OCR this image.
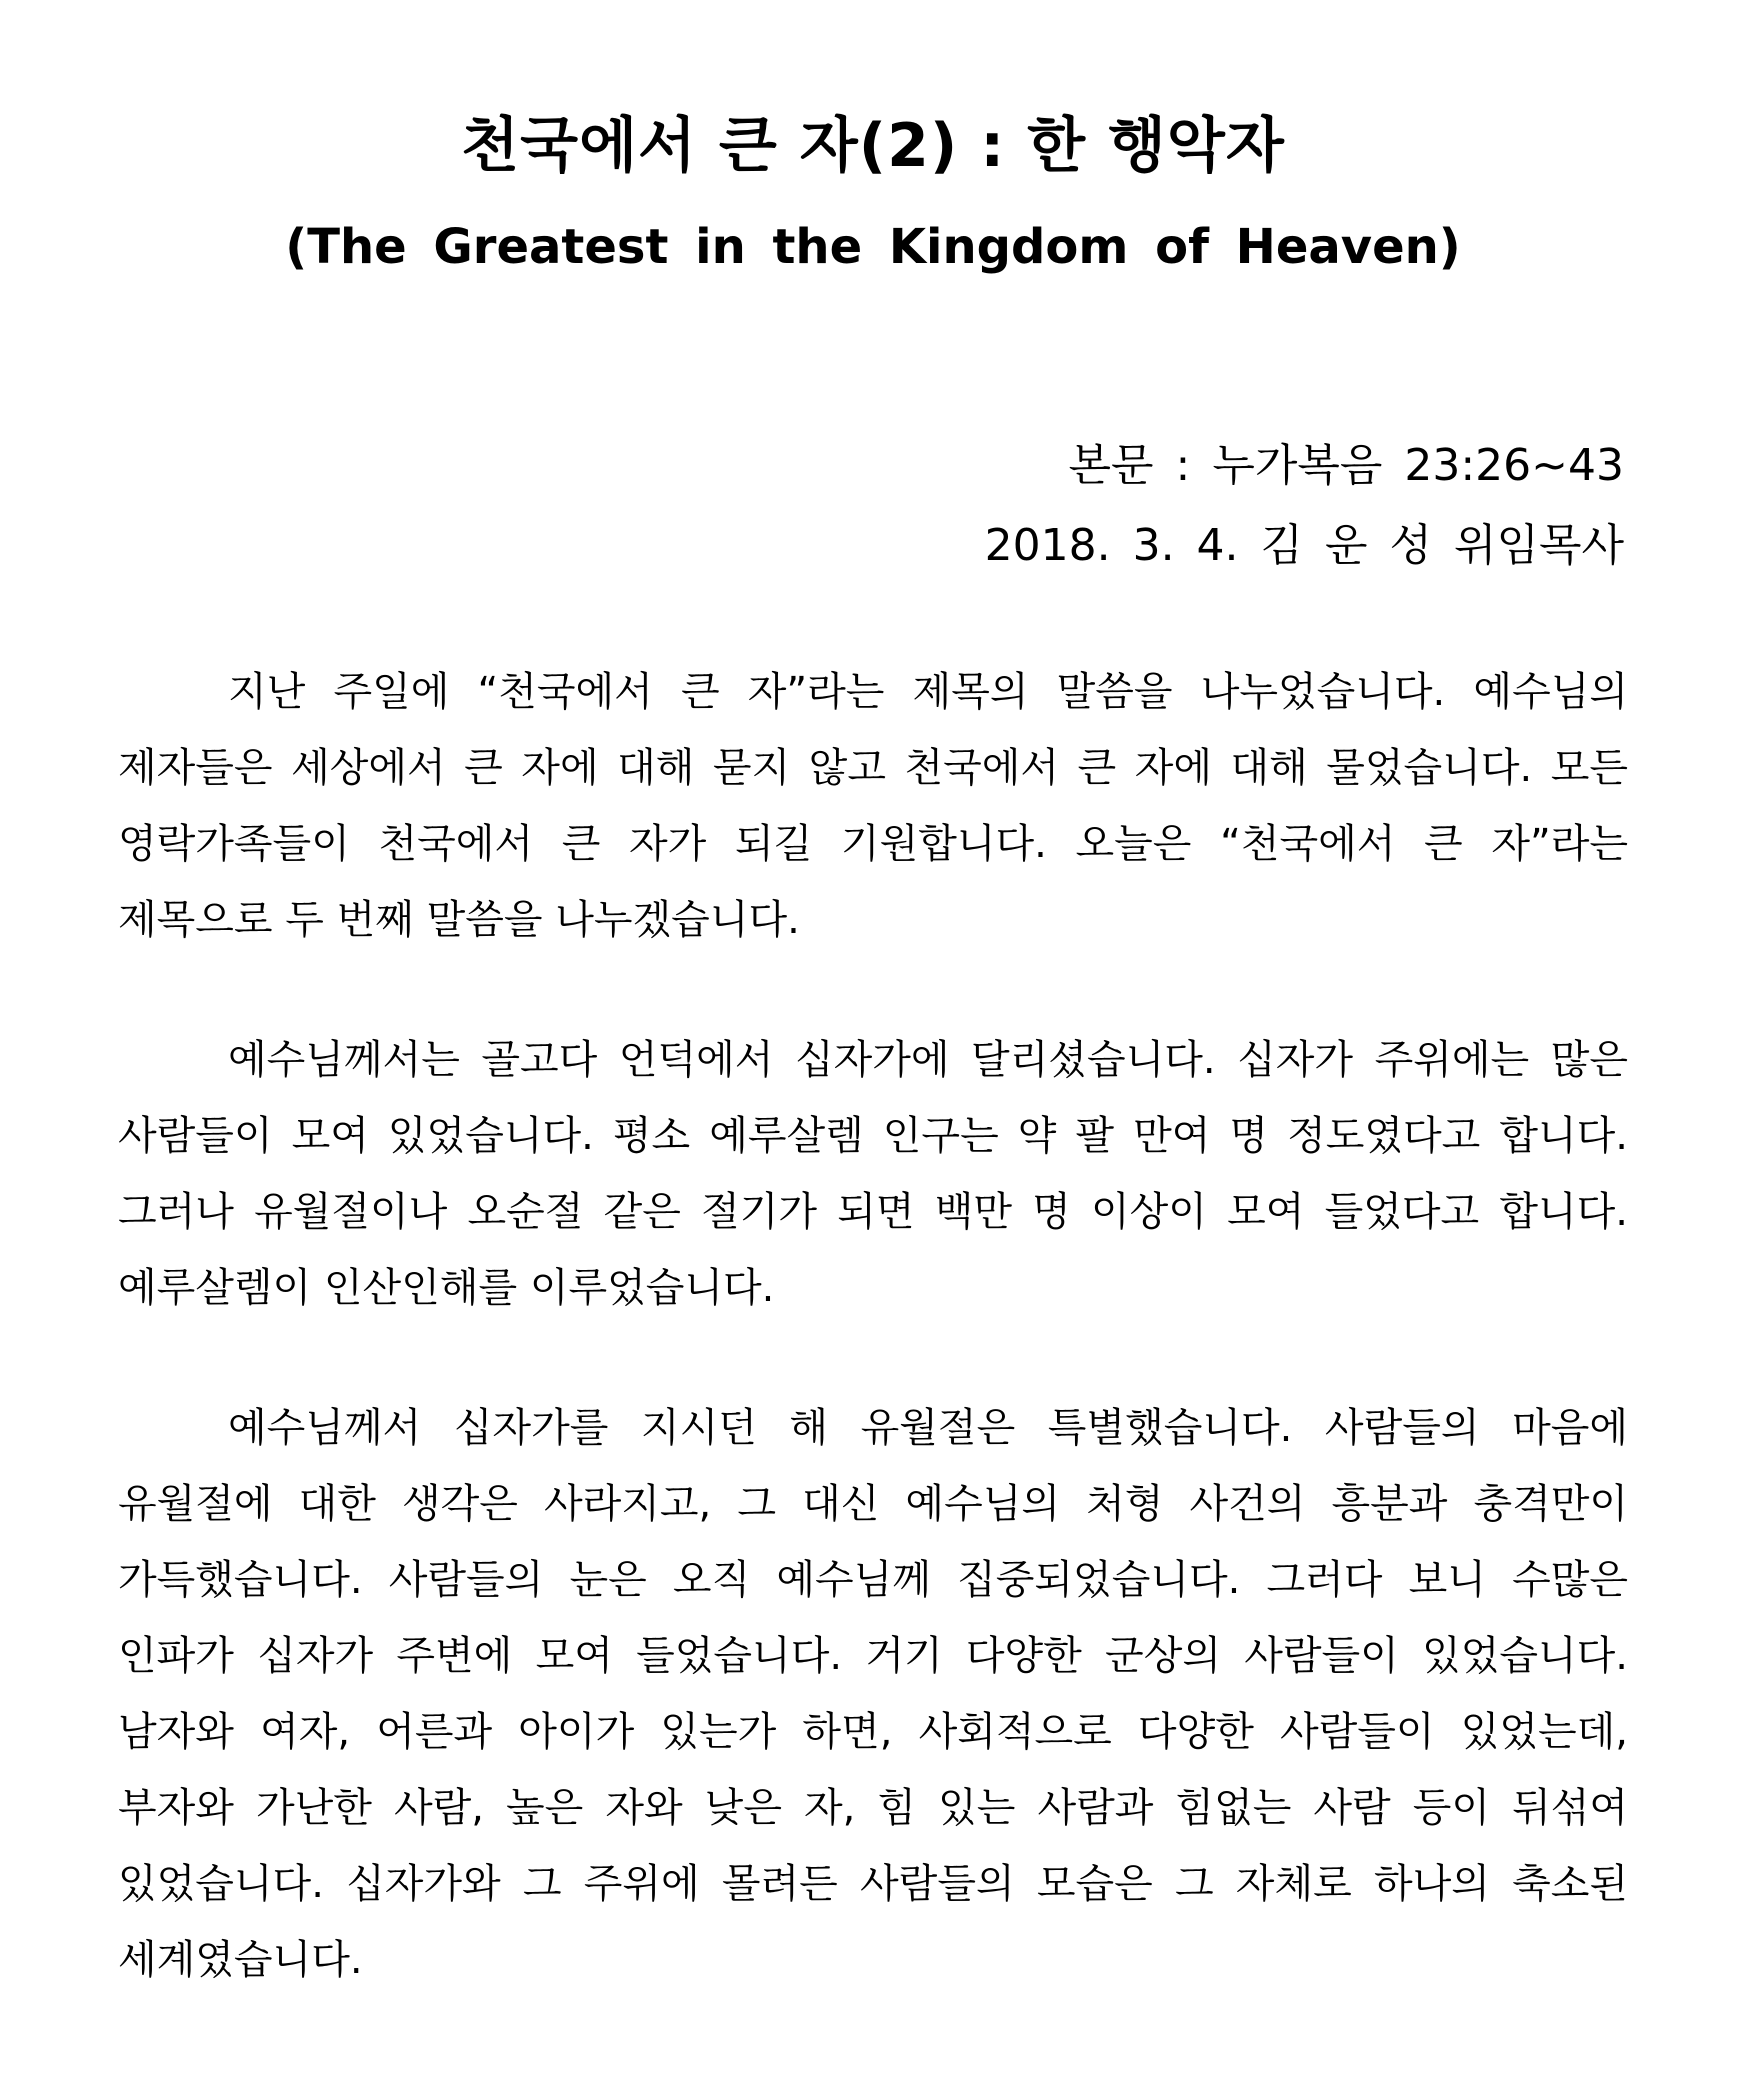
천국에서 큰 자(2) : 한 행악자
(The Greatest in the Kingdom of Heaven)
본문 : 누가복음 23:26~43
2018. 3. 4. 김 운 성 위임목사

지난 주일에 “천국에서 큰 자”라는 제목의 말씀을 나누었습니다. 예수님의 제자들은 세상에서 큰 자에 대해 묻지 않고 천국에서 큰 자에 대해 물었습니다. 모든 영락가족들이 천국에서 큰 자가 되길 기원합니다. 오늘은 “천국에서 큰 자”라는 제목으로 두 번째 말씀을 나누겠습니다.

예수님께서는 골고다 언덕에서 십자가에 달리셨습니다. 십자가 주위에는 많은 사람들이 모여 있었습니다. 평소 예루살렘 인구는 약 팔 만여 명 정도였다고 합니다. 그러나 유월절이나 오순절 같은 절기가 되면 백만 명 이상이 모여 들었다고 합니다. 예루살렘이 인산인해를 이루었습니다.

예수님께서 십자가를 지시던 해 유월절은 특별했습니다. 사람들의 마음에 유월절에 대한 생각은 사라지고, 그 대신 예수님의 처형 사건의 흥분과 충격만이 가득했습니다. 사람들의 눈은 오직 예수님께 집중되었습니다. 그러다 보니 수많은 인파가 십자가 주변에 모여 들었습니다. 거기 다양한 군상의 사람들이 있었습니다. 남자와 여자, 어른과 아이가 있는가 하면, 사회적으로 다양한 사람들이 있었는데, 부자와 가난한 사람, 높은 자와 낮은 자, 힘 있는 사람과 힘없는 사람 등이 뒤섞여 있었습니다. 십자가와 그 주위에 몰려든 사람들의 모습은 그 자체로 하나의 축소된 세계였습니다.
